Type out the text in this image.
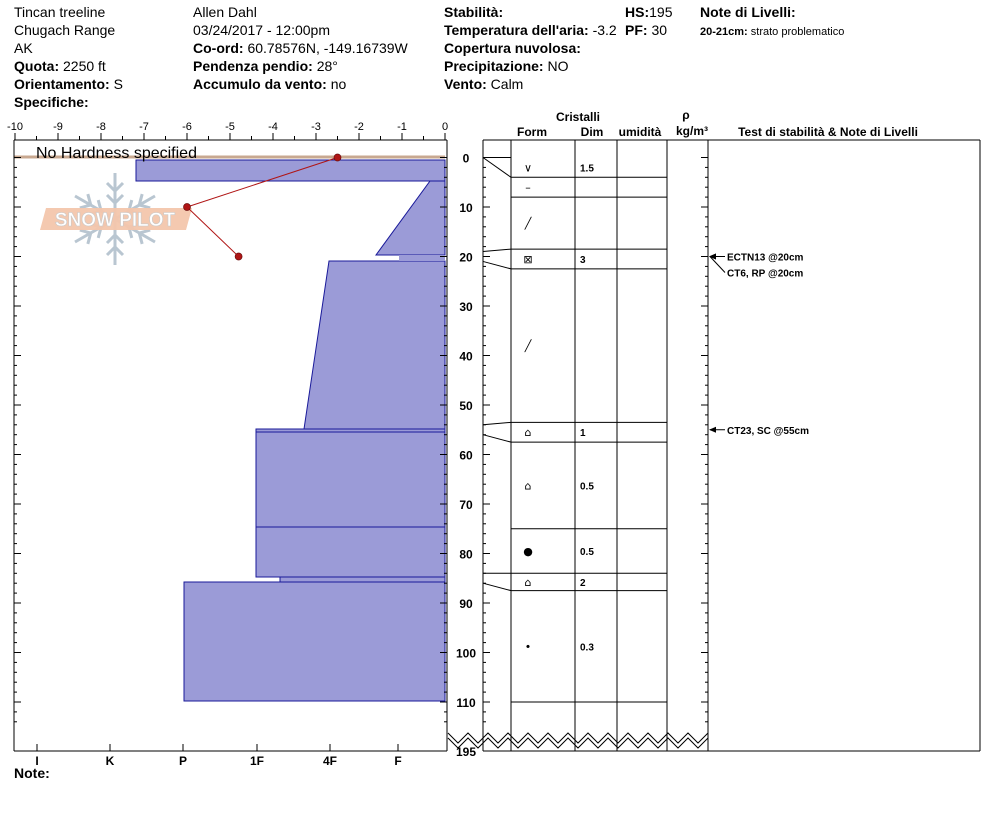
Tincan treeline
Chugach Range
AK
Quota: 2250 ft
Orientamento: S
Specifiche:
Allen Dahl
03/24/2017 - 12:00pm
Co-ord: 60.78576N, -149.16739W
Pendenza pendio: 28°
Accumulo da vento: no
Stabilità:
Temperatura dell'aria: -3.2
Copertura nuvolosa:
Precipitazione: NO
Vento: Calm
HS:195
PF: 30
Note di Livelli:
20-21cm: strato problematico
SNOW PILOT
No Hardness specified
-10	-9	-8	-7	-6	-5	-4	-3	-2	-1	0
I	K	P	1F	4F	F
0
10
20
30
40
50
60
70
80
90
100
110
195
Cristalli
Form	Dim umidità
ρ
kg/m³	Test di stabilità & Note di Livelli
∨	1.5
–
╱
⊠	3
╱
⌂	1
⌂	0.5
●	0.5
⌂	2
•	0.3
ECTN13 @20cm
CT6, RP @20cm
CT23, SC @55cm
Note:
